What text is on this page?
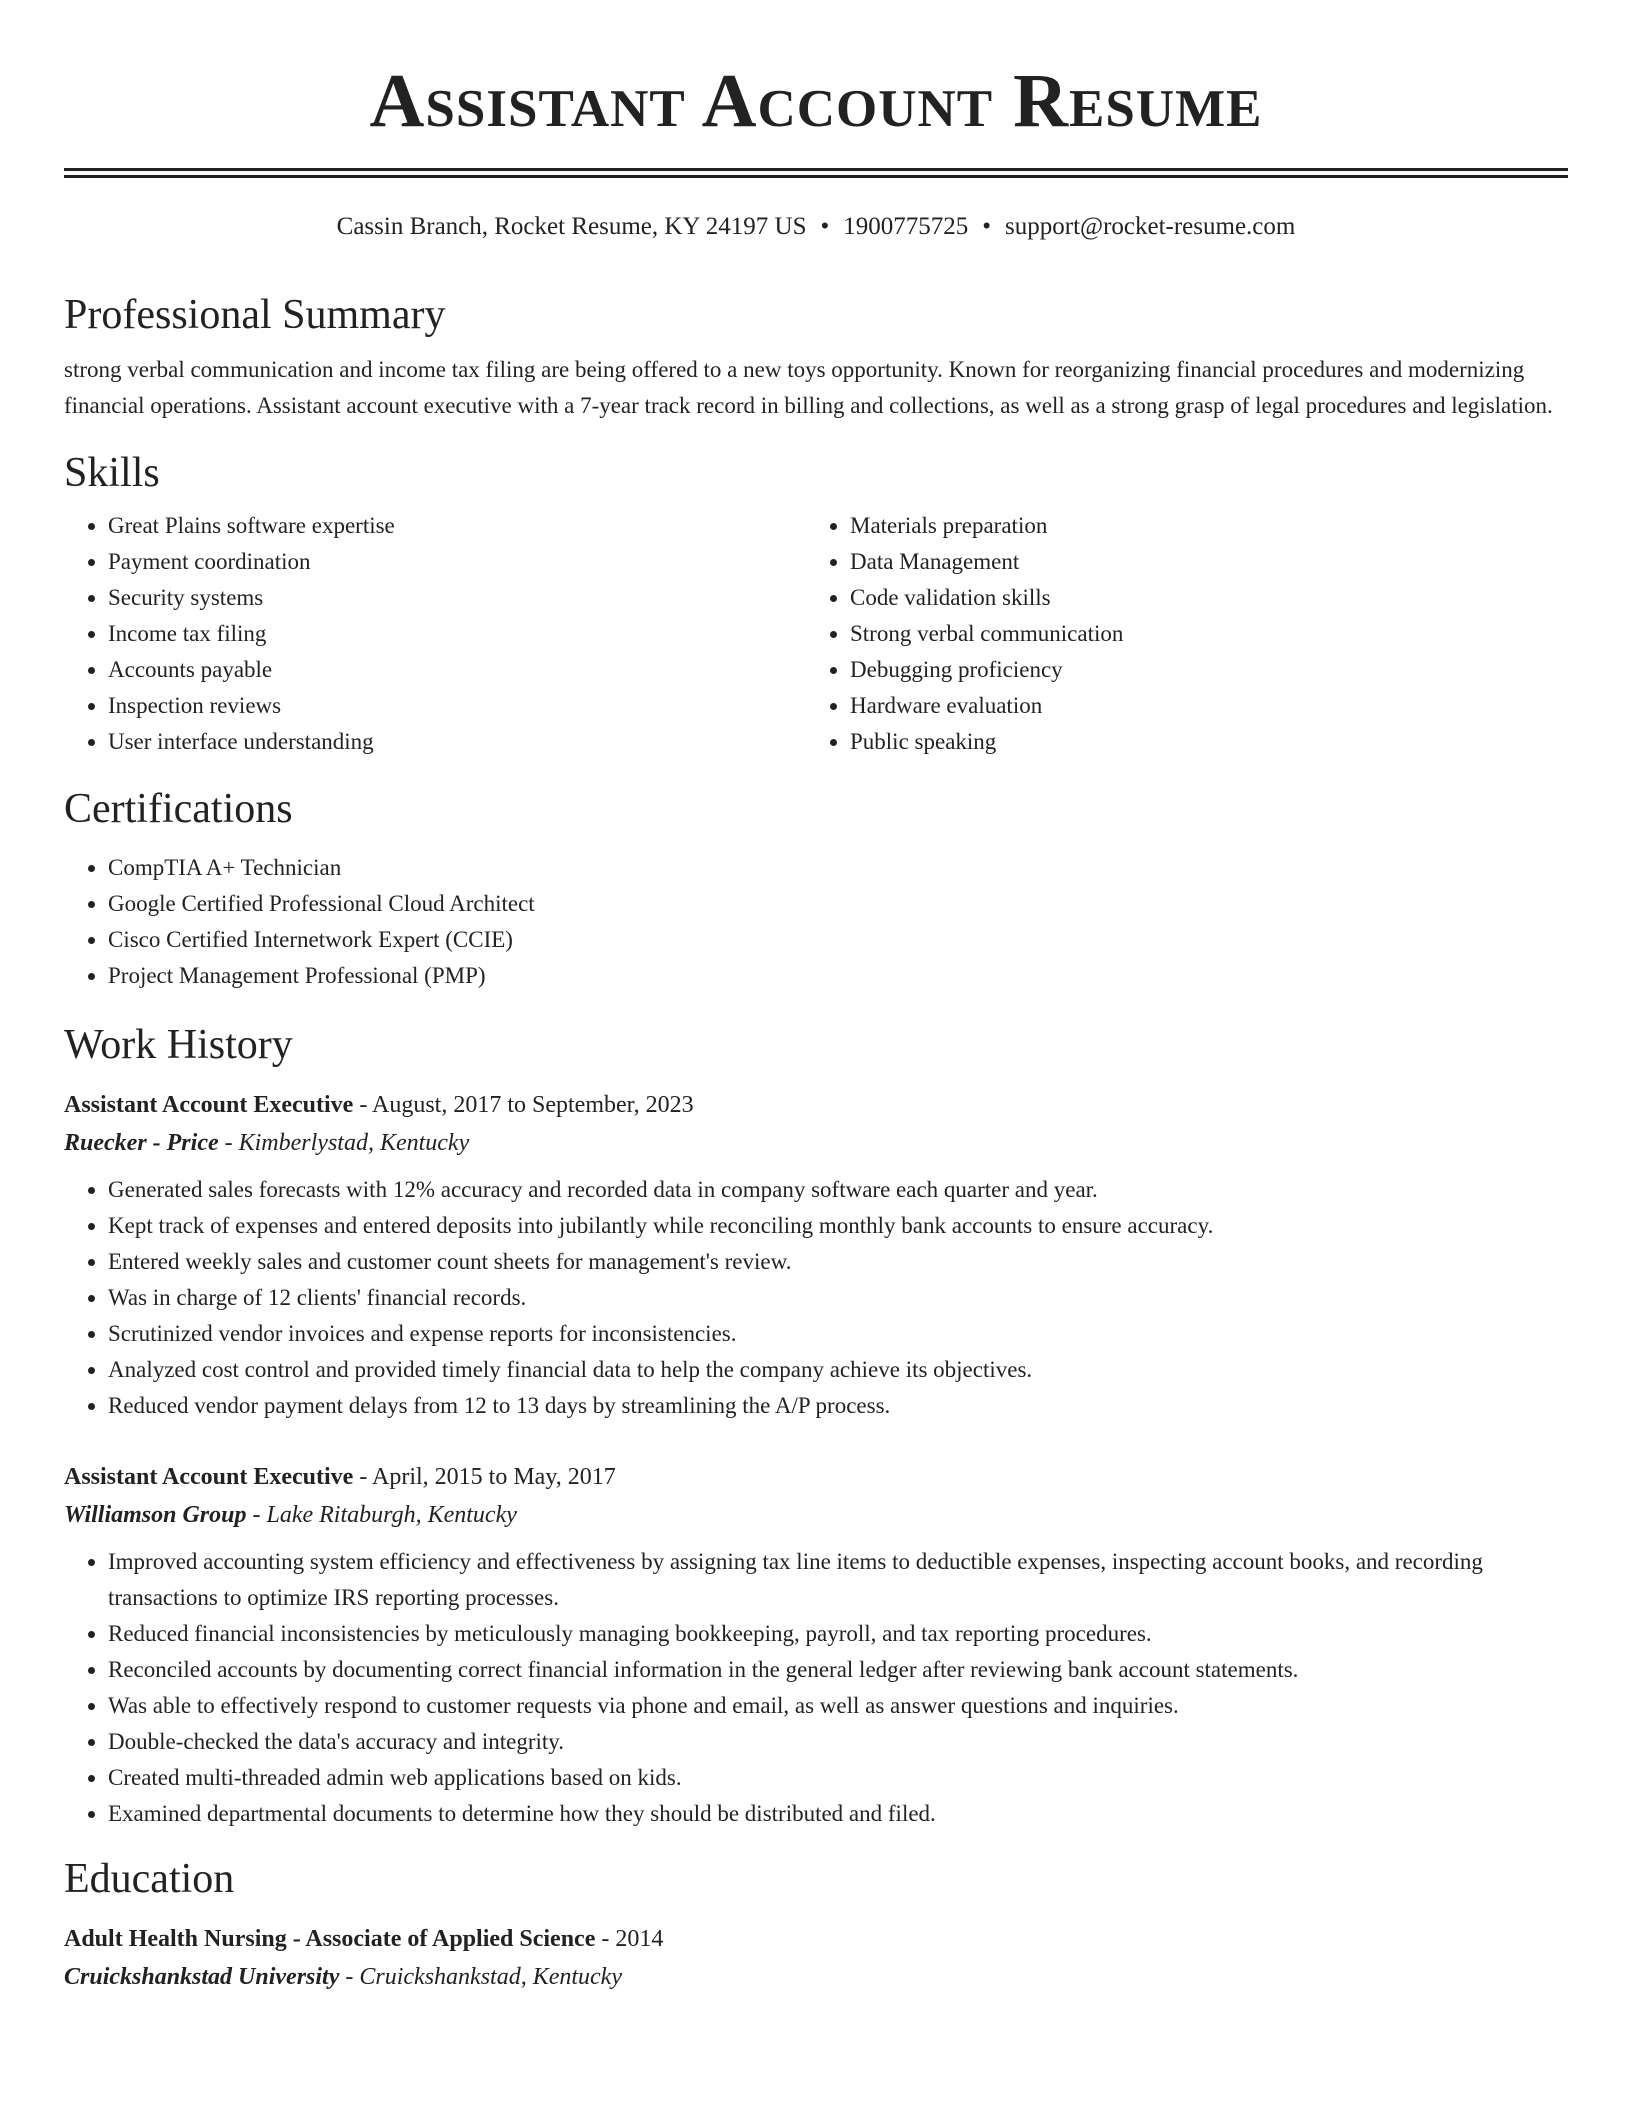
Assistant Account Resume
Cassin Branch, Rocket Resume, KY 24197 US • 1900775725 • support@rocket-resume.com
Professional Summary

strong verbal communication and income tax filing are being offered to a new toys opportunity. Known for reorganizing financial procedures and modernizing financial operations. Assistant account executive with a 7-year track record in billing and collections, as well as a strong grasp of legal procedures and legislation.

Skills
• Great Plains software expertise
• Payment coordination
• Security systems
• Income tax filing
• Accounts payable
• Inspection reviews
• User interface understanding
• Materials preparation
• Data Management
• Code validation skills
• Strong verbal communication
• Debugging proficiency
• Hardware evaluation
• Public speaking
Certifications
• CompTIA A+ Technician
• Google Certified Professional Cloud Architect
• Cisco Certified Internetwork Expert (CCIE)
• Project Management Professional (PMP)
Work History
Assistant Account Executive - August, 2017 to September, 2023
Ruecker - Price - Kimberlystad, Kentucky
• Generated sales forecasts with 12% accuracy and recorded data in company software each quarter and year.
• Kept track of expenses and entered deposits into jubilantly while reconciling monthly bank accounts to ensure accuracy.
• Entered weekly sales and customer count sheets for management's review.
• Was in charge of 12 clients' financial records.
• Scrutinized vendor invoices and expense reports for inconsistencies.
• Analyzed cost control and provided timely financial data to help the company achieve its objectives.
• Reduced vendor payment delays from 12 to 13 days by streamlining the A/P process.
Assistant Account Executive - April, 2015 to May, 2017
Williamson Group - Lake Ritaburgh, Kentucky
• Improved accounting system efficiency and effectiveness by assigning tax line items to deductible expenses, inspecting account books, and recording transactions to optimize IRS reporting processes.
• Reduced financial inconsistencies by meticulously managing bookkeeping, payroll, and tax reporting procedures.
• Reconciled accounts by documenting correct financial information in the general ledger after reviewing bank account statements.
• Was able to effectively respond to customer requests via phone and email, as well as answer questions and inquiries.
• Double-checked the data's accuracy and integrity.
• Created multi-threaded admin web applications based on kids.
• Examined departmental documents to determine how they should be distributed and filed.
Education
Adult Health Nursing - Associate of Applied Science - 2014
Cruickshankstad University - Cruickshankstad, Kentucky
